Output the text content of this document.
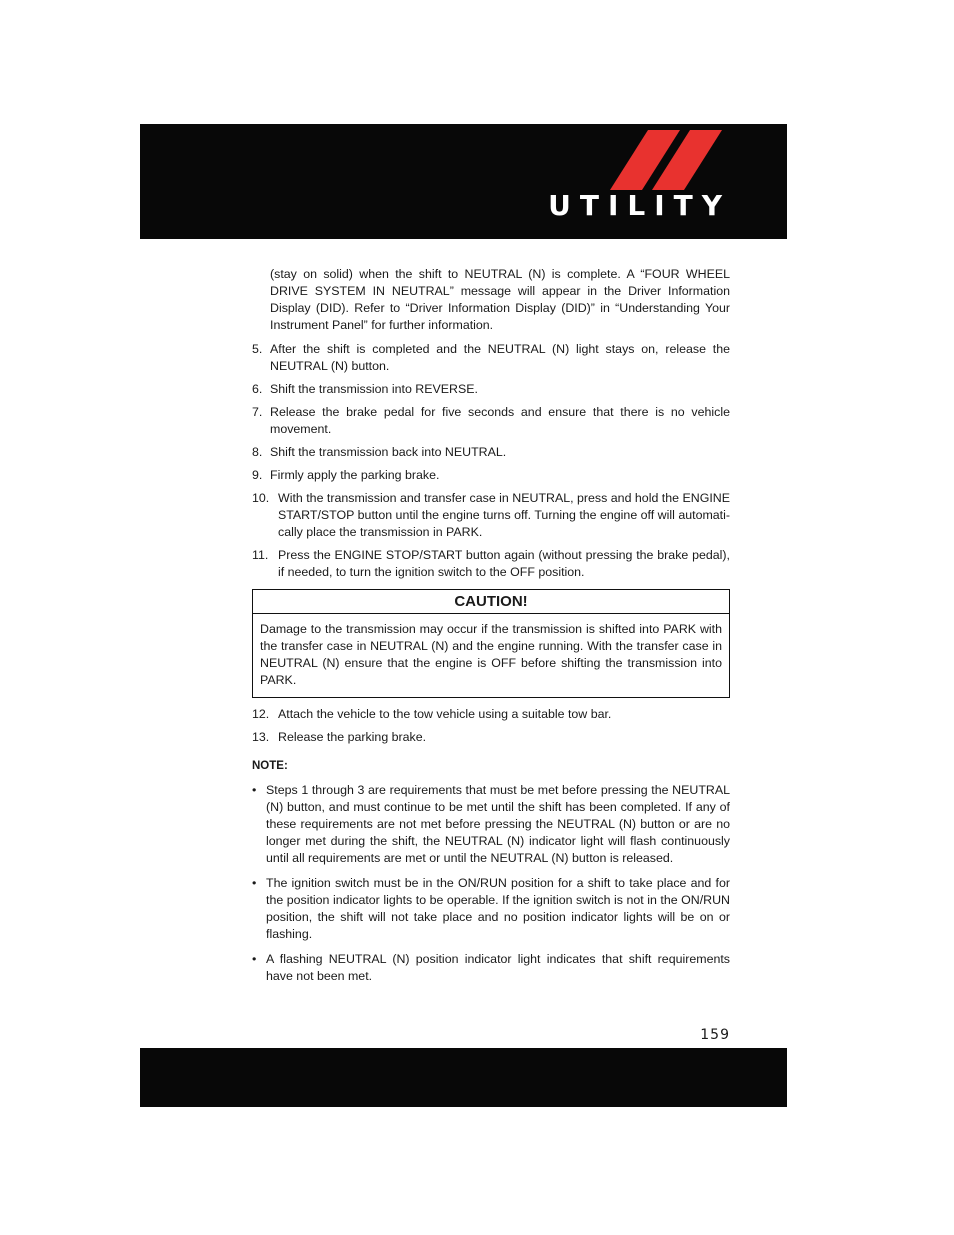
UTILITY

(stay on solid) when the shift to NEUTRAL (N) is complete. A “FOUR WHEEL DRIVE SYSTEM IN NEUTRAL” message will appear in the Driver Information Display (DID). Refer to “Driver Information Display (DID)” in “Understanding Your Instrument Panel” for further information.

5. After the shift is completed and the NEUTRAL (N) light stays on, release the NEUTRAL (N) button.
6. Shift the transmission into REVERSE.
7. Release the brake pedal for five seconds and ensure that there is no vehicle movement.
8. Shift the transmission back into NEUTRAL.
9. Firmly apply the parking brake.
10. With the transmission and transfer case in NEUTRAL, press and hold the ENGINE START/STOP button until the engine turns off. Turning the engine off will automati-cally place the transmission in PARK.
11. Press the ENGINE STOP/START button again (without pressing the brake pedal), if needed, to turn the ignition switch to the OFF position.
CAUTION!
Damage to the transmission may occur if the transmission is shifted into PARK with the transfer case in NEUTRAL (N) and the engine running. With the transfer case in NEUTRAL (N) ensure that the engine is OFF before shifting the transmission into PARK.
12. Attach the vehicle to the tow vehicle using a suitable tow bar.
13. Release the parking brake.

NOTE:

• Steps 1 through 3 are requirements that must be met before pressing the NEUTRAL (N) button, and must continue to be met until the shift has been completed. If any of these requirements are not met before pressing the NEUTRAL (N) button or are no longer met during the shift, the NEUTRAL (N) indicator light will flash continuously until all requirements are met or until the NEUTRAL (N) button is released.
• The ignition switch must be in the ON/RUN position for a shift to take place and for the position indicator lights to be operable. If the ignition switch is not in the ON/RUN position, the shift will not take place and no position indicator lights will be on or flashing.
• A flashing NEUTRAL (N) position indicator light indicates that shift requirements have not been met.
159
